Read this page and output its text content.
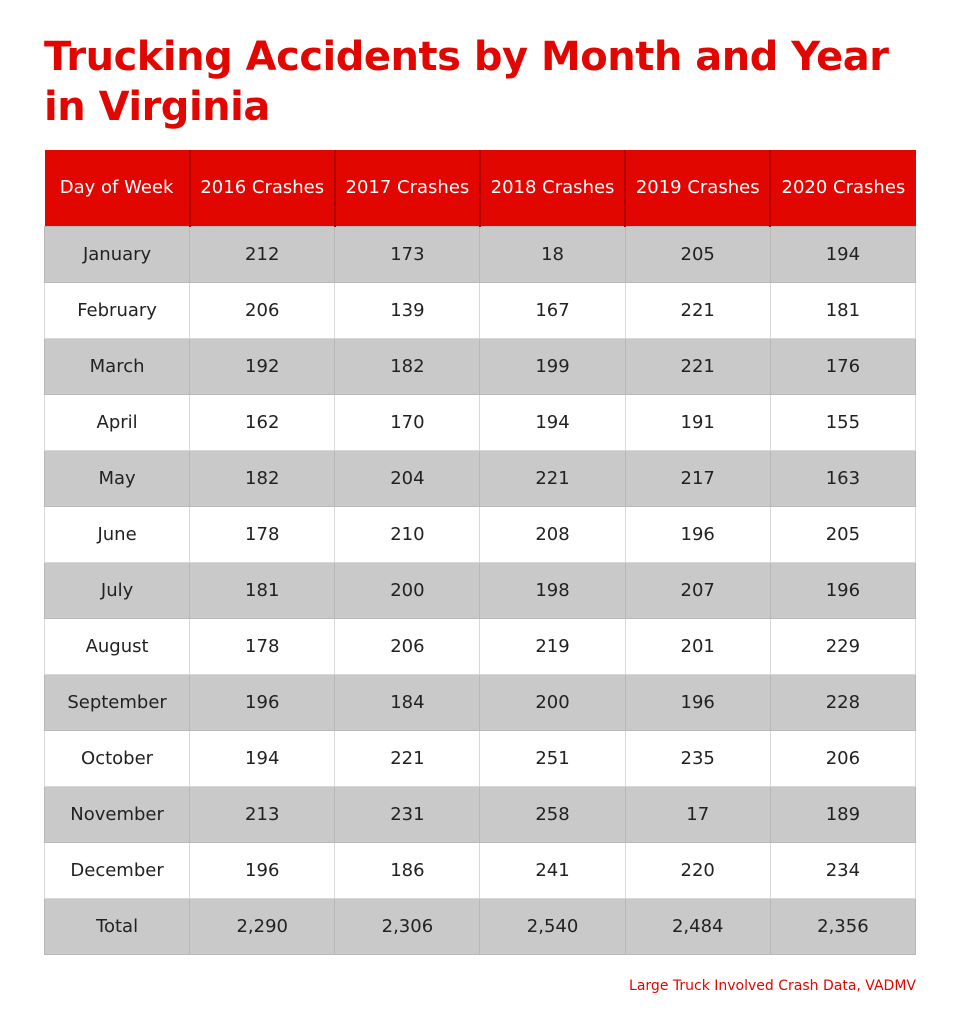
Trucking Accidents by Month and Year in Virginia
Day of Week	2016 Crashes	2017 Crashes	2018 Crashes	2019 Crashes	2020 Crashes
January	212	173	18	205	194
February	206	139	167	221	181
March	192	182	199	221	176
April	162	170	194	191	155
May	182	204	221	217	163
June	178	210	208	196	205
July	181	200	198	207	196
August	178	206	219	201	229
September	196	184	200	196	228
October	194	221	251	235	206
November	213	231	258	17	189
December	196	186	241	220	234
Total	2,290	2,306	2,540	2,484	2,356
Large Truck Involved Crash Data, VADMV
